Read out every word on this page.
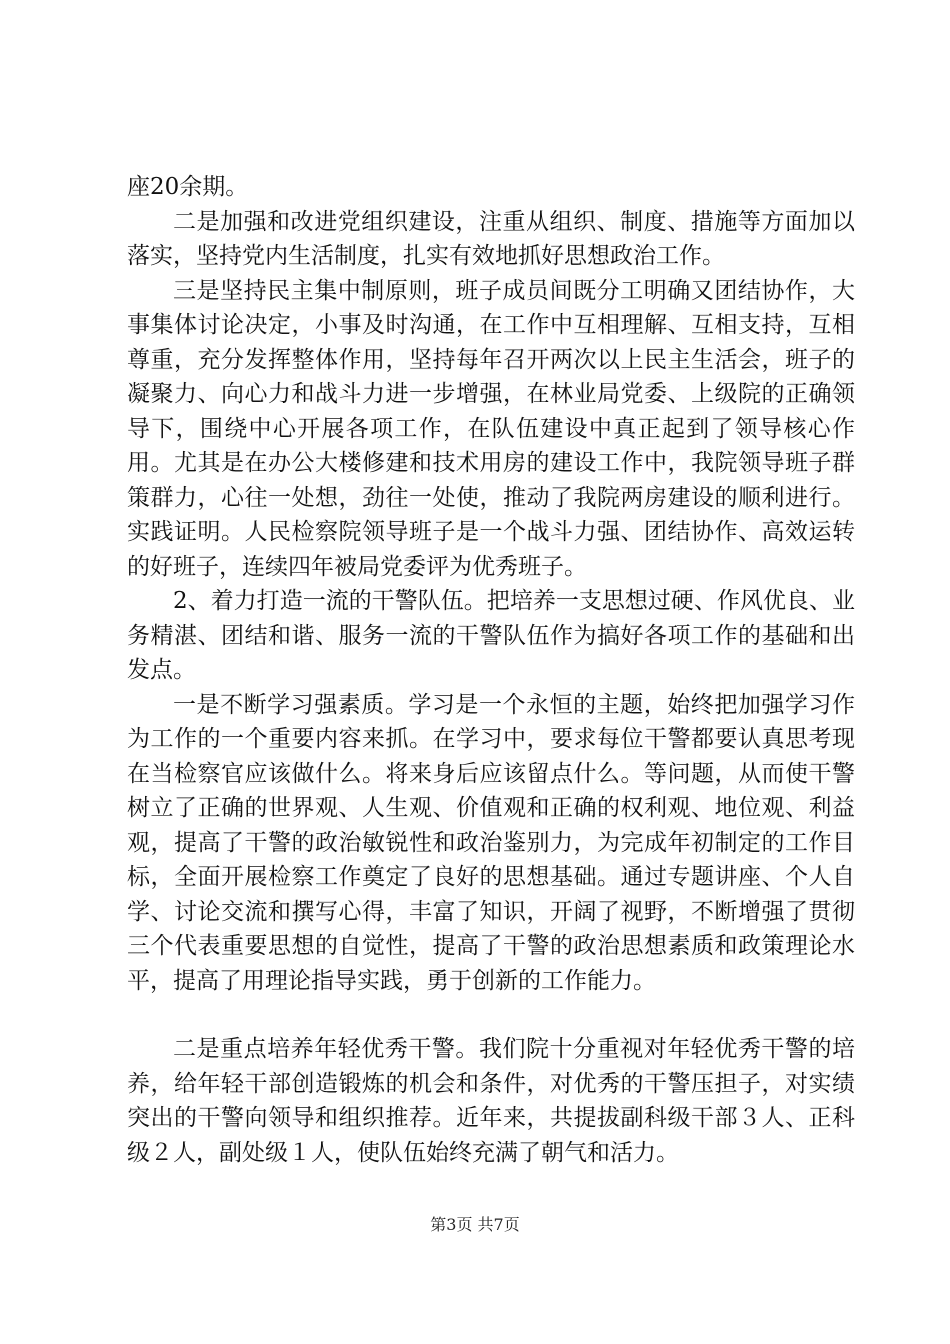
座20余期。

二是加强和改进党组织建设，注重从组织、制度、措施等方面加以落实，坚持党内生活制度，扎实有效地抓好思想政治工作。

三是坚持民主集中制原则，班子成员间既分工明确又团结协作，大事集体讨论决定，小事及时沟通，在工作中互相理解、互相支持，互相尊重，充分发挥整体作用，坚持每年召开两次以上民主生活会，班子的凝聚力、向心力和战斗力进一步增强，在林业局党委、上级院的正确领导下，围绕中心开展各项工作，在队伍建设中真正起到了领导核心作用。尤其是在办公大楼修建和技术用房的建设工作中，我院领导班子群策群力，心往一处想，劲往一处使，推动了我院两房建设的顺利进行。实践证明。人民检察院领导班子是一个战斗力强、团结协作、高效运转的好班子，连续四年被局党委评为优秀班子。

2、着力打造一流的干警队伍。把培养一支思想过硬、作风优良、业务精湛、团结和谐、服务一流的干警队伍作为搞好各项工作的基础和出发点。

一是不断学习强素质。学习是一个永恒的主题，始终把加强学习作为工作的一个重要内容来抓。在学习中，要求每位干警都要认真思考现在当检察官应该做什么。将来身后应该留点什么。等问题，从而使干警树立了正确的世界观、人生观、价值观和正确的权利观、地位观、利益观，提高了干警的政治敏锐性和政治鉴别力，为完成年初制定的工作目标，全面开展检察工作奠定了良好的思想基础。通过专题讲座、个人自学、讨论交流和撰写心得，丰富了知识，开阔了视野，不断增强了贯彻三个代表重要思想的自觉性，提高了干警的政治思想素质和政策理论水平，提高了用理论指导实践，勇于创新的工作能力。

二是重点培养年轻优秀干警。我们院十分重视对年轻优秀干警的培养，给年轻干部创造锻炼的机会和条件，对优秀的干警压担子，对实绩突出的干警向领导和组织推荐。近年来，共提拔副科级干部３人、正科级２人，副处级１人，使队伍始终充满了朝气和活力。

第3页 共7页
